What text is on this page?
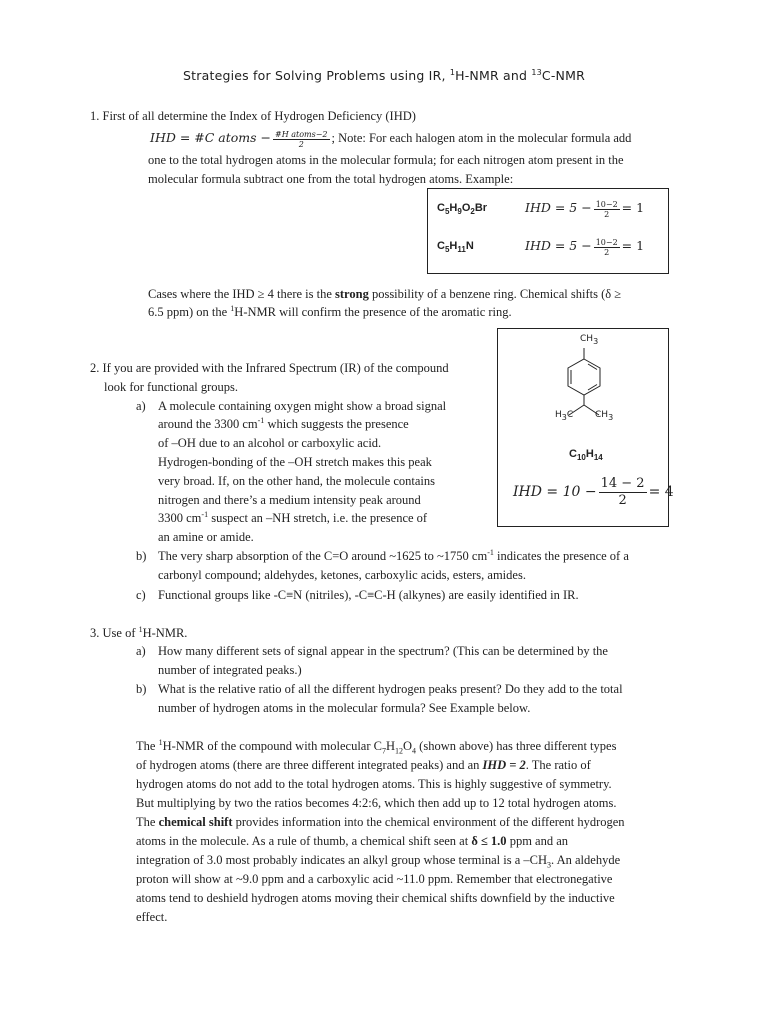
Strategies for Solving Problems using IR, $^1$H-NMR and $^{13}$C-NMR
1. First of all determine the Index of Hydrogen Deficiency (IHD)
IHD = #C atoms − $\frac{\text{\#H atoms−2}}{2}$ ; Note: For each halogen atom in the molecular formula add
one to the total hydrogen atoms in the molecular formula; for each nitrogen atom present in the
molecular formula subtract one from the total hydrogen atoms. Example:
$C_5H_9O_2Br$	IHD = $5 - \frac{10-2}{2} = 1$
$C_5H_{11}N$	IHD = $5 - \frac{10-2}{2} = 1$
Cases where the IHD ≥ 4 there is the strong possibility of a benzene ring. Chemical shifts (δ ≥
6.5 ppm) on the $^1$H-NMR will confirm the presence of the aromatic ring.
$CH_3$
$H_3C$ $CH_3$
$C_{10}H_{14}$
IHD = $10 - \frac{14 - 2}{2} = 4$
2. If you are provided with the Infrared Spectrum (IR) of the compound
look for functional groups.
a) A molecule containing oxygen might show a broad signal
around the 3300 $cm^{-1}$ which suggests the presence
of –OH due to an alcohol or carboxylic acid.
Hydrogen-bonding of the –OH stretch makes this peak
very broad. If, on the other hand, the molecule contains
nitrogen and there’s a medium intensity peak around
3300 $cm^{-1}$ suspect an –NH stretch, i.e. the presence of
an amine or amide.
b) The very sharp absorption of the C=O around ~1625 to ~1750 $cm^{-1}$ indicates the presence of a
carbonyl compound; aldehydes, ketones, carboxylic acids, esters, amides.
c) Functional groups like -C≡N (nitriles), -C≡C-H (alkynes) are easily identified in IR.
3. Use of $^1$H-NMR.
a) How many different sets of signal appear in the spectrum? (This can be determined by the
number of integrated peaks.)
b) What is the relative ratio of all the different hydrogen peaks present? Do they add to the total
number of hydrogen atoms in the molecular formula? See Example below.
The $^1$H-NMR of the compound with molecular $C_7H_{12}O_4$ (shown above) has three different types
of hydrogen atoms (there are three different integrated peaks) and an IHD = 2. The ratio of
hydrogen atoms do not add to the total hydrogen atoms. This is highly suggestive of symmetry.
But multiplying by two the ratios becomes 4:2:6, which then add up to 12 total hydrogen atoms.
The chemical shift provides information into the chemical environment of the different hydrogen
atoms in the molecule. As a rule of thumb, a chemical shift seen at δ ≤ 1.0 ppm and an
integration of 3.0 most probably indicates an alkyl group whose terminal is a $-CH_3$. An aldehyde
proton will show at ~9.0 ppm and a carboxylic acid ~11.0 ppm. Remember that electronegative
atoms tend to deshield hydrogen atoms moving their chemical shifts downfield by the inductive
effect.
